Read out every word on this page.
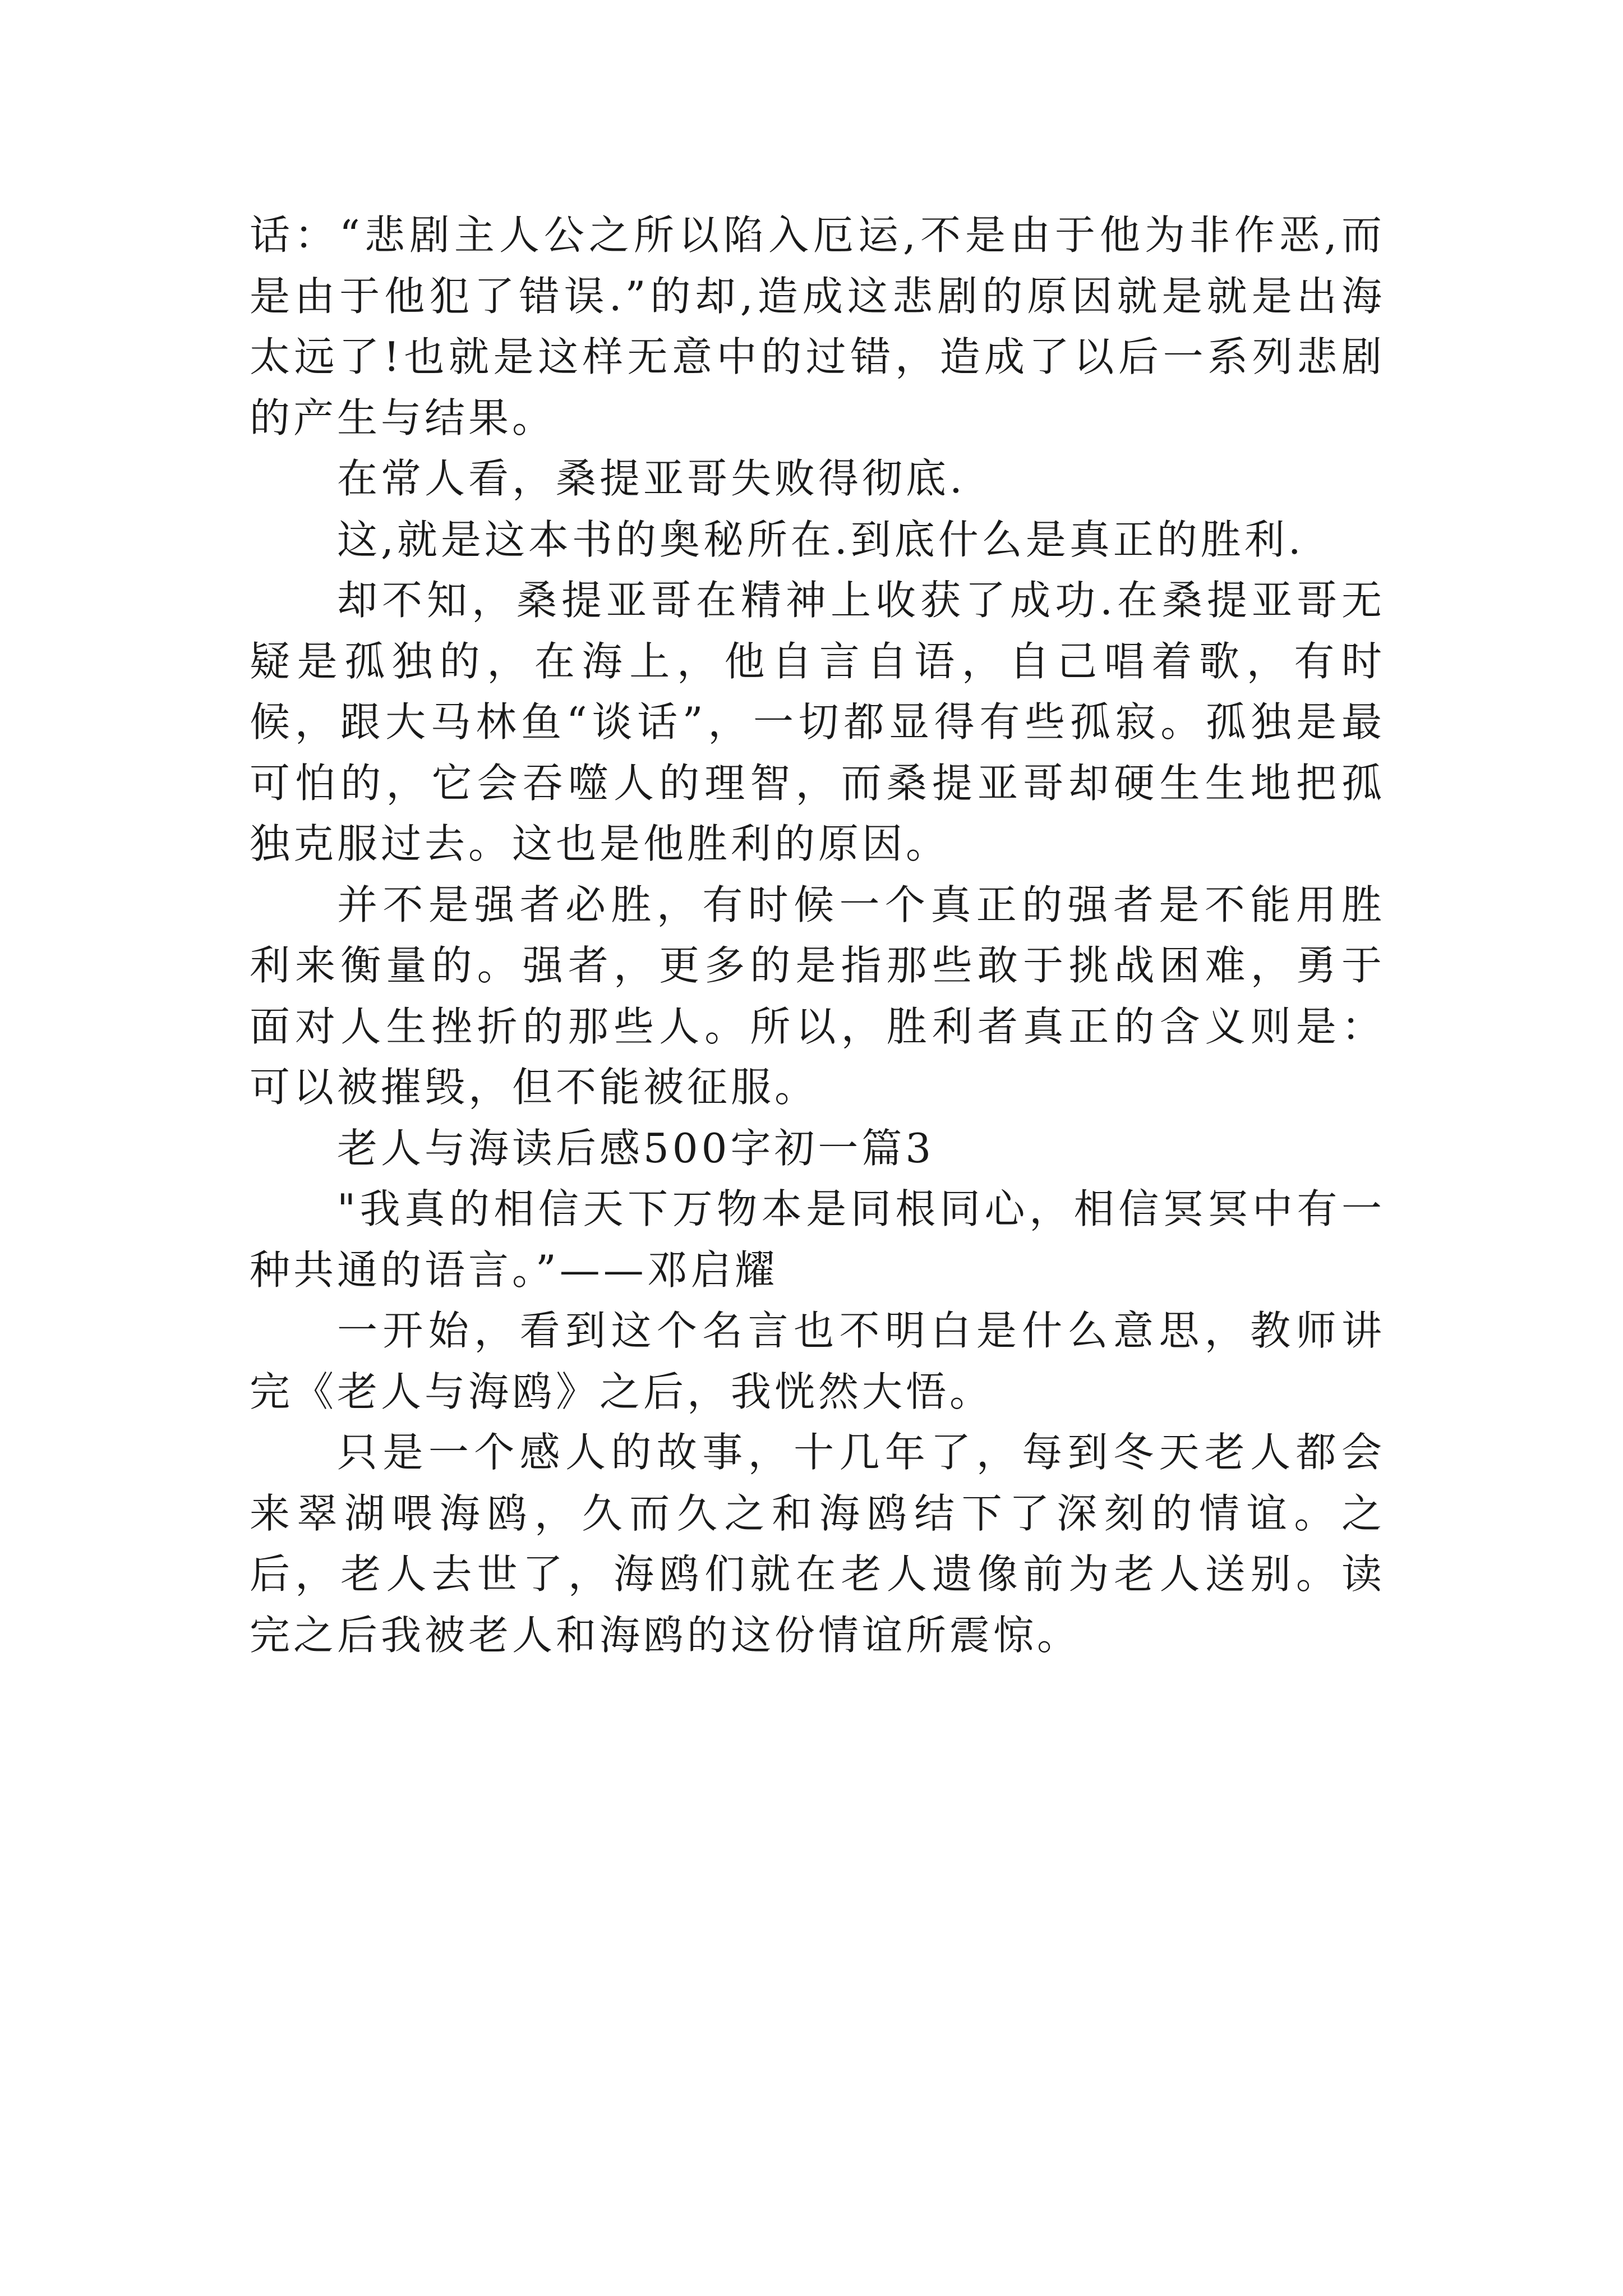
话：“悲剧主人公之所以陷入厄运,不是由于他为非作恶,而是由于他犯了错误.”的却,造成这悲剧的原因就是就是出海太远了!也就是这样无意中的过错，造成了以后一系列悲剧的产生与结果。

在常人看，桑提亚哥失败得彻底.

这,就是这本书的奥秘所在.到底什么是真正的胜利.

却不知，桑提亚哥在精神上收获了成功.在桑提亚哥无疑是孤独的，在海上，他自言自语，自己唱着歌，有时候，跟大马林鱼“谈话”，一切都显得有些孤寂。孤独是最可怕的，它会吞噬人的理智，而桑提亚哥却硬生生地把孤独克服过去。这也是他胜利的原因。

并不是强者必胜，有时候一个真正的强者是不能用胜利来衡量的。强者，更多的是指那些敢于挑战困难，勇于面对人生挫折的那些人。所以，胜利者真正的含义则是：可以被摧毁，但不能被征服。

老人与海读后感500字初一篇3

"我真的相信天下万物本是同根同心，相信冥冥中有一种共通的语言。”——邓启耀

一开始，看到这个名言也不明白是什么意思，教师讲完《老人与海鸥》之后，我恍然大悟。

只是一个感人的故事，十几年了，每到冬天老人都会来翠湖喂海鸥，久而久之和海鸥结下了深刻的情谊。之后，老人去世了，海鸥们就在老人遗像前为老人送别。读完之后我被老人和海鸥的这份情谊所震惊。
